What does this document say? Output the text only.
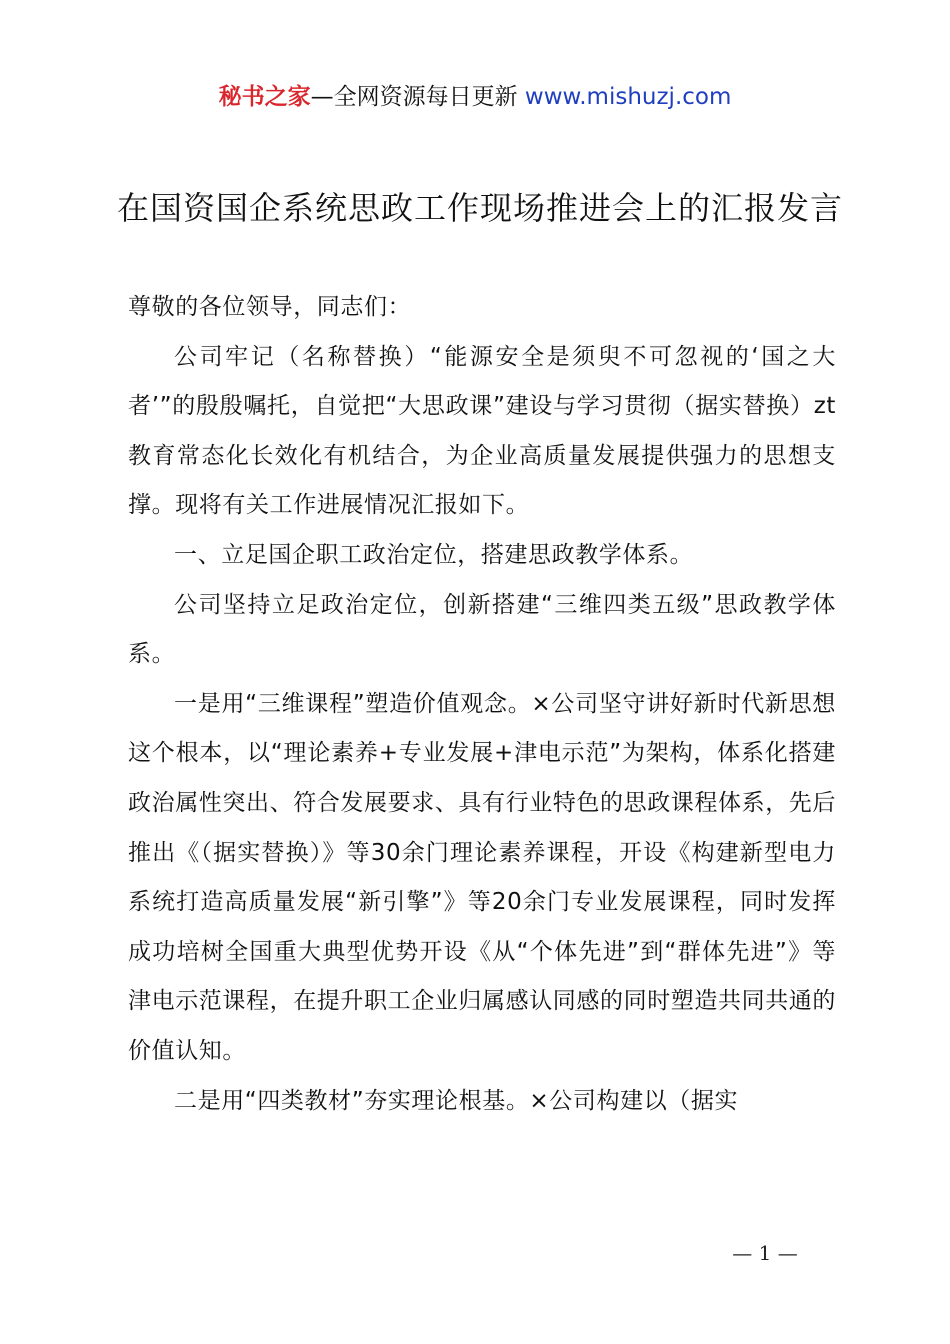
秘书之家—全网资源每日更新 www.mishuzj.com
在国资国企系统思政工作现场推进会上的汇报发言

尊敬的各位领导，同志们：

公司牢记（名称替换）“能源安全是须臾不可忽视的‘国之大者’”的殷殷嘱托，自觉把“大思政课”建设与学习贯彻（据实替换）zt教育常态化长效化有机结合，为企业高质量发展提供强力的思想支撑。现将有关工作进展情况汇报如下。

一、立足国企职工政治定位，搭建思政教学体系。

公司坚持立足政治定位，创新搭建“三维四类五级”思政教学体系。

一是用“三维课程”塑造价值观念。×公司坚守讲好新时代新思想这个根本，以“理论素养+专业发展+津电示范”为架构，体系化搭建政治属性突出、符合发展要求、具有行业特色的思政课程体系，先后推出《（据实替换）》等30余门理论素养课程，开设《构建新型电力系统打造高质量发展“新引擎”》等20余门专业发展课程，同时发挥成功培树全国重大典型优势开设《从“个体先进”到“群体先进”》等津电示范课程，在提升职工企业归属感认同感的同时塑造共同共通的价值认知。

二是用“四类教材”夯实理论根基。×公司构建以（据实

— 1 —
